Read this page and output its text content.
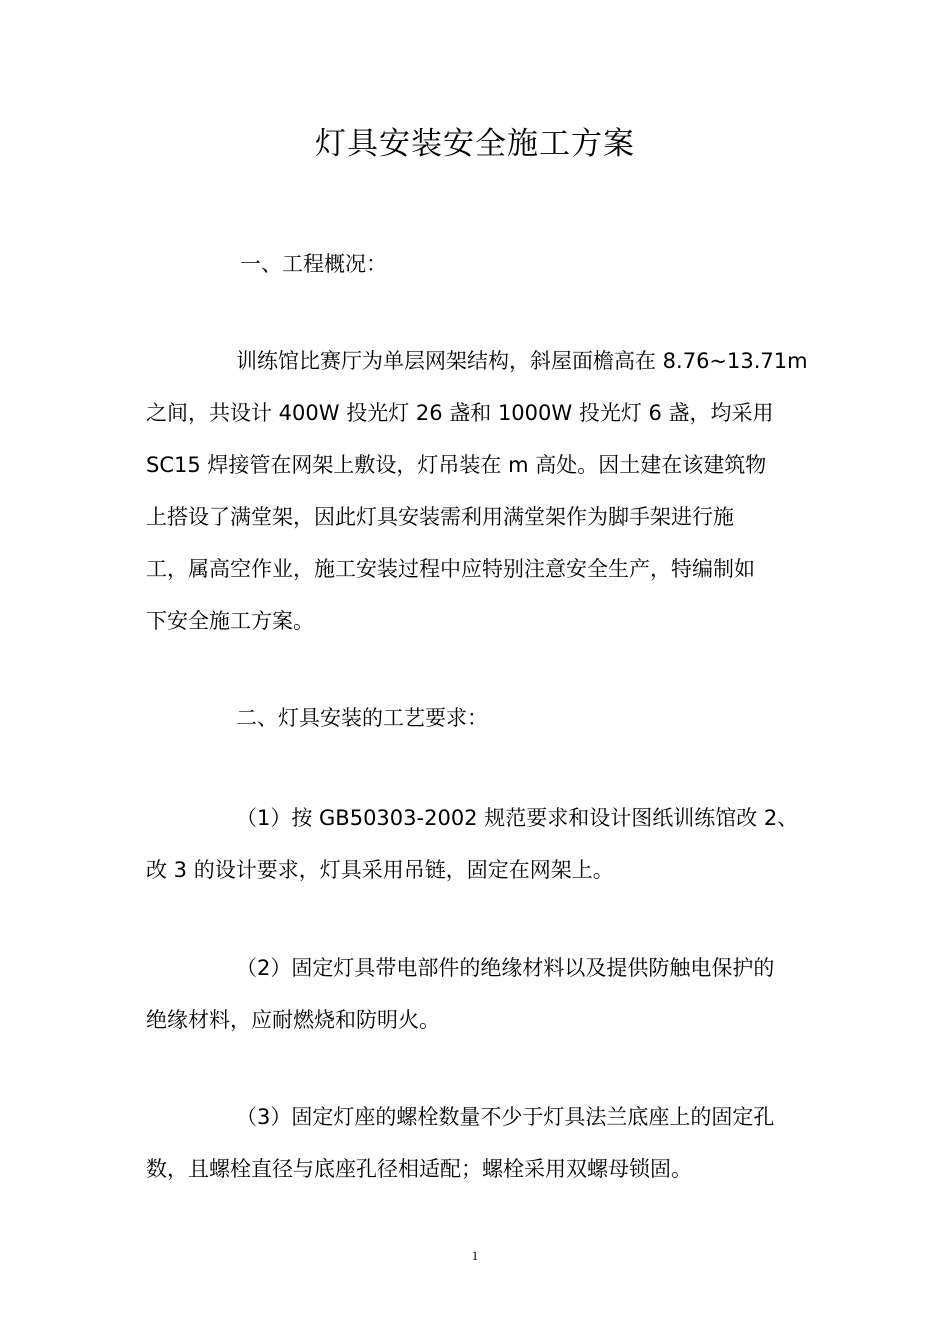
灯具安装安全施工方案
一、工程概况：
训练馆比赛厅为单层网架结构，斜屋面檐高在 8.76~13.71m
之间，共设计 400W 投光灯 26 盏和 1000W 投光灯 6 盏，均采用
SC15 焊接管在网架上敷设，灯吊装在 m 高处。因土建在该建筑物
上搭设了满堂架，因此灯具安装需利用满堂架作为脚手架进行施
工，属高空作业，施工安装过程中应特别注意安全生产，特编制如
下安全施工方案。
二、灯具安装的工艺要求：
（1）按 GB50303-2002 规范要求和设计图纸训练馆改 2、
改 3 的设计要求，灯具采用吊链，固定在网架上。
（2）固定灯具带电部件的绝缘材料以及提供防触电保护的
绝缘材料，应耐燃烧和防明火。
（3）固定灯座的螺栓数量不少于灯具法兰底座上的固定孔
数，且螺栓直径与底座孔径相适配；螺栓采用双螺母锁固。
1
